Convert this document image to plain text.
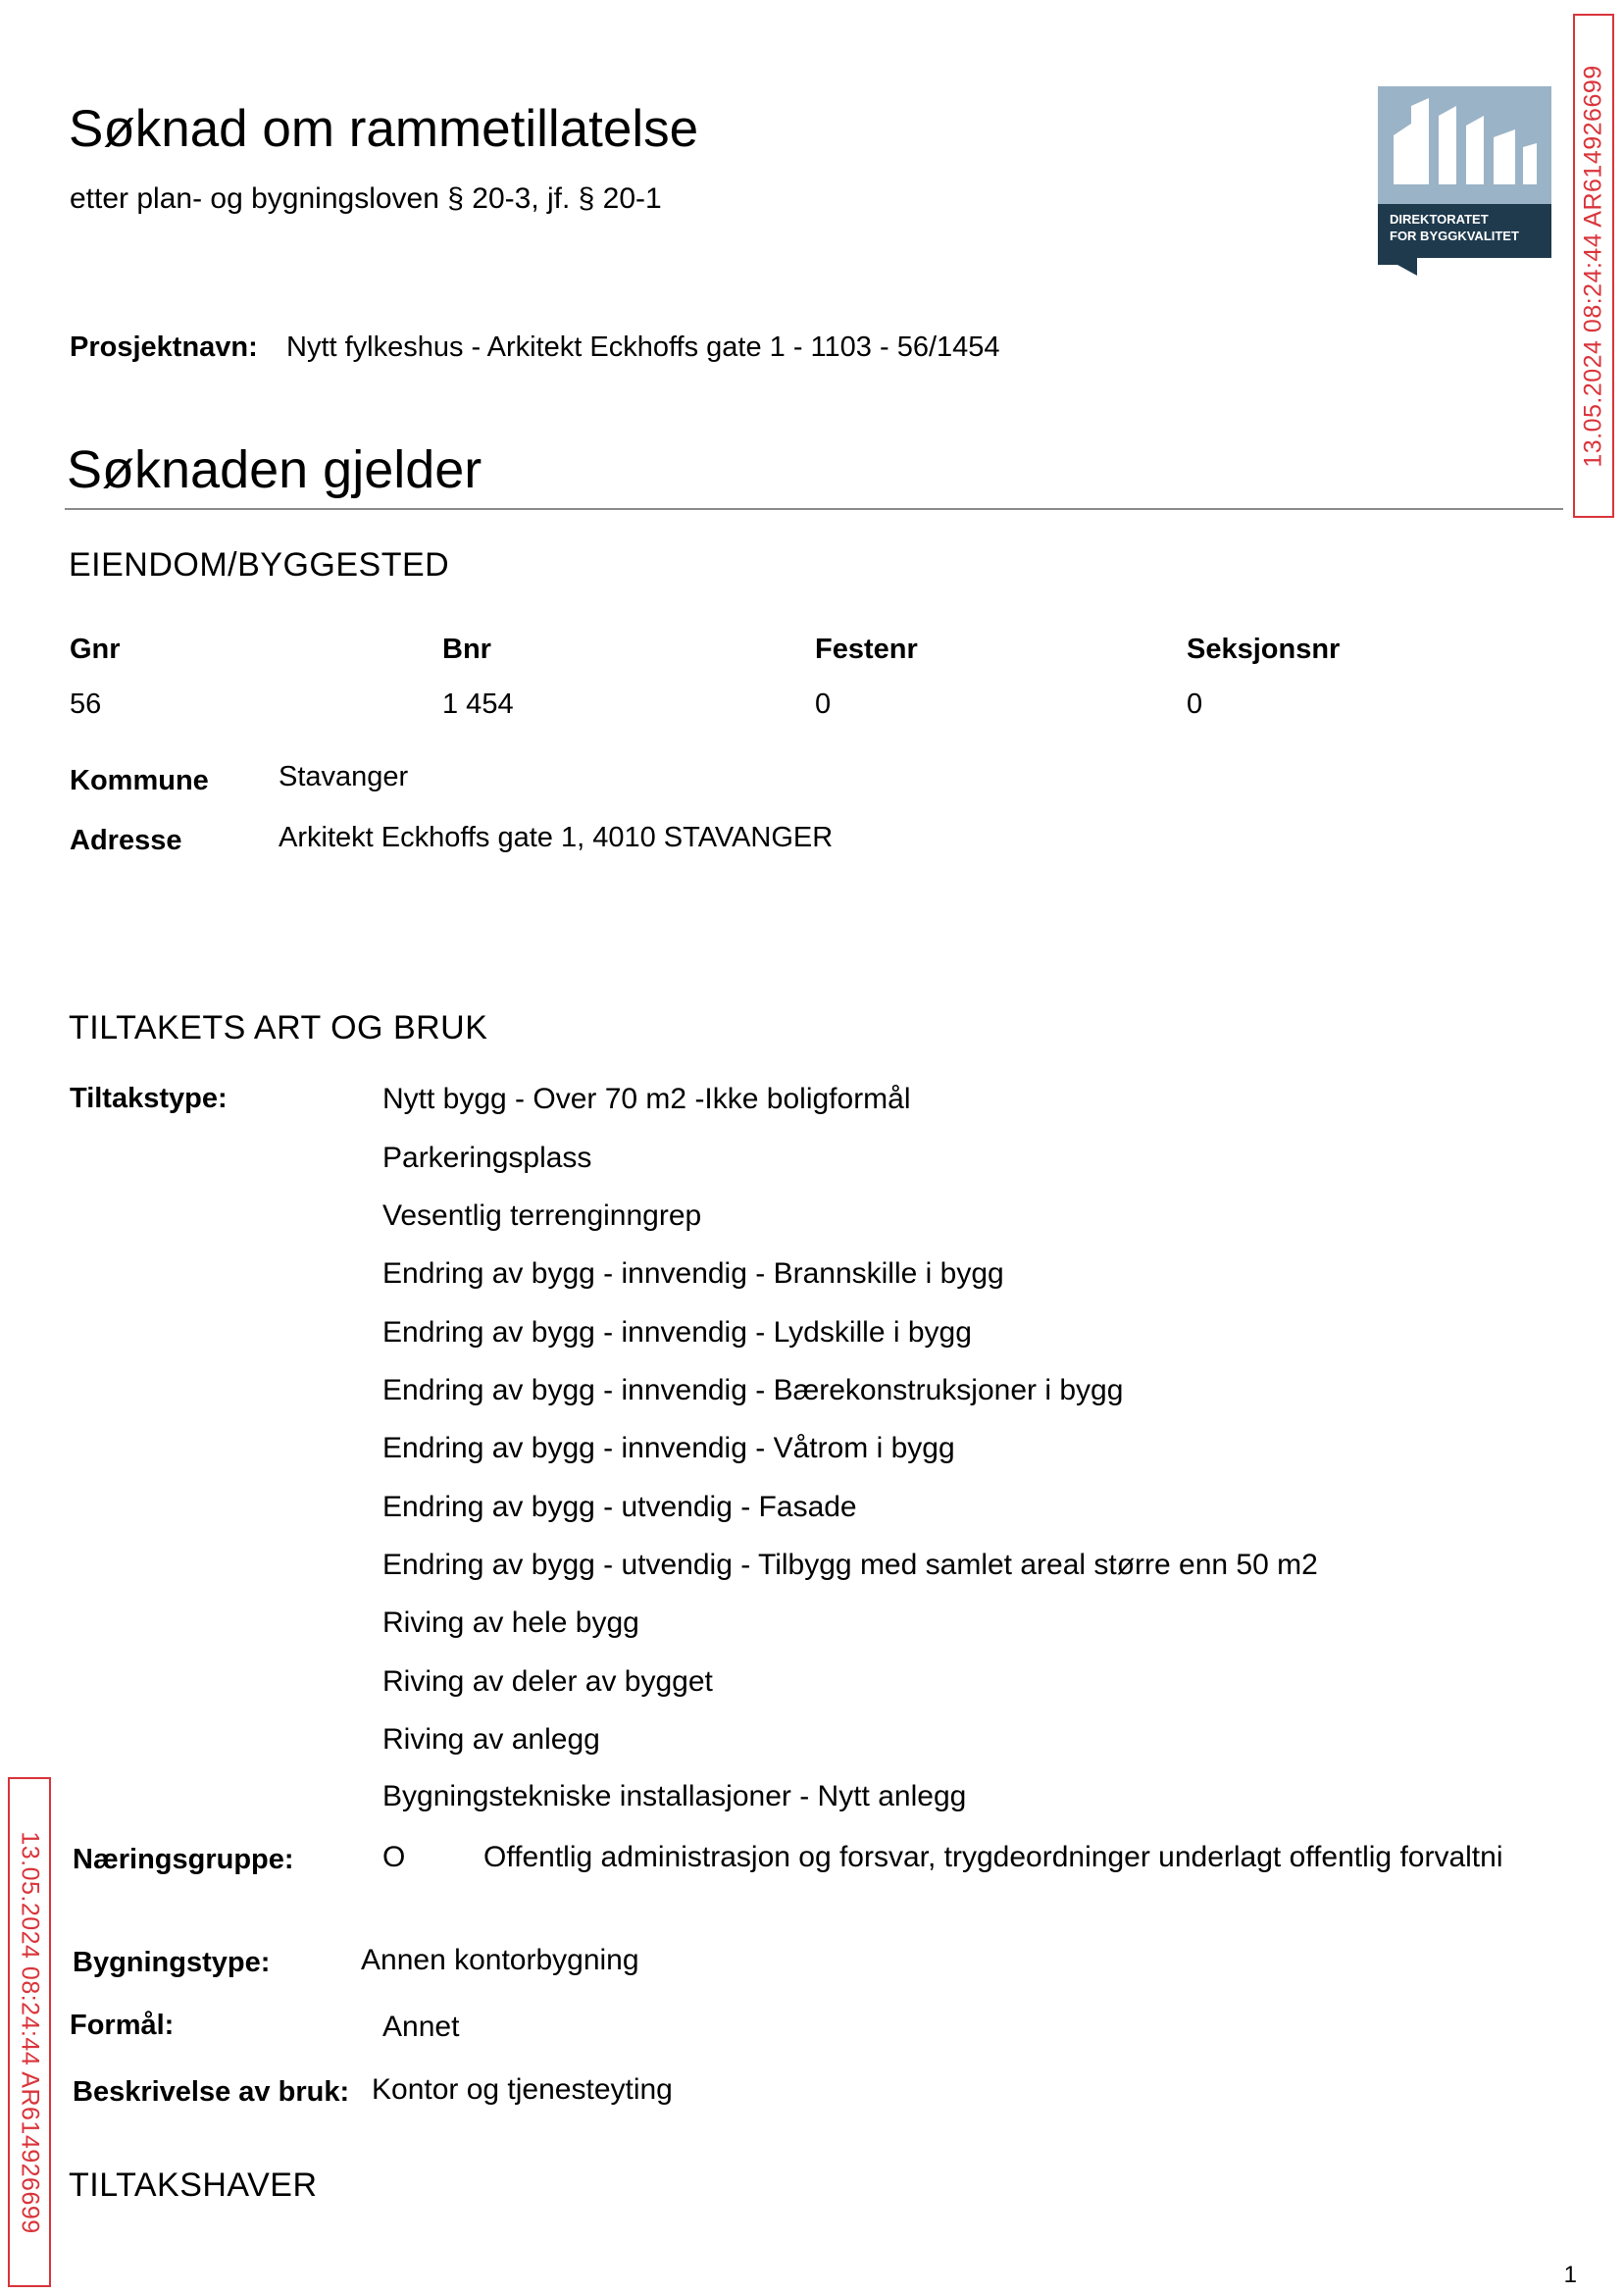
Søknad om rammetillatelse
etter plan- og bygningsloven § 20-3, jf. § 20-1
DIREKTORATET
FOR BYGGKVALITET 13.05.2024 08:24:44 AR614926699
Prosjektnavn: Nytt fylkeshus - Arkitekt Eckhoffs gate 1 - 1103 - 56/1454
Søknaden gjelder
EIENDOM/BYGGESTED
Gnr	Bnr	Festenr	Seksjonsnr
56	1 454	0	0
Kommune Stavanger
Adresse	Arkitekt Eckhoffs gate 1, 4010 STAVANGER
TILTAKETS ART OG BRUK
Tiltakstype:	Nytt bygg - Over 70 m2 -Ikke boligformål
Parkeringsplass
Vesentlig terrenginngrep
Endring av bygg - innvendig - Brannskille i bygg
Endring av bygg - innvendig - Lydskille i bygg
Endring av bygg - innvendig - Bærekonstruksjoner i bygg
Endring av bygg - innvendig - Våtrom i bygg
Endring av bygg - utvendig - Fasade
Endring av bygg - utvendig - Tilbygg med samlet areal større enn 50 m2
Riving av hele bygg
Riving av deler av bygget
Riving av anlegg
Bygningstekniske installasjoner - Nytt anlegg
Næringsgruppe:	O	Offentlig administrasjon og forsvar, trygdeordninger underlagt offentlig forvaltni
Bygningstype:	Annen kontorbygning
Formål:	Annet
Beskrivelse av bruk: Kontor og tjenesteyting
TILTAKSHAVER
13.05.2024 08:24:44 AR614926699
1
